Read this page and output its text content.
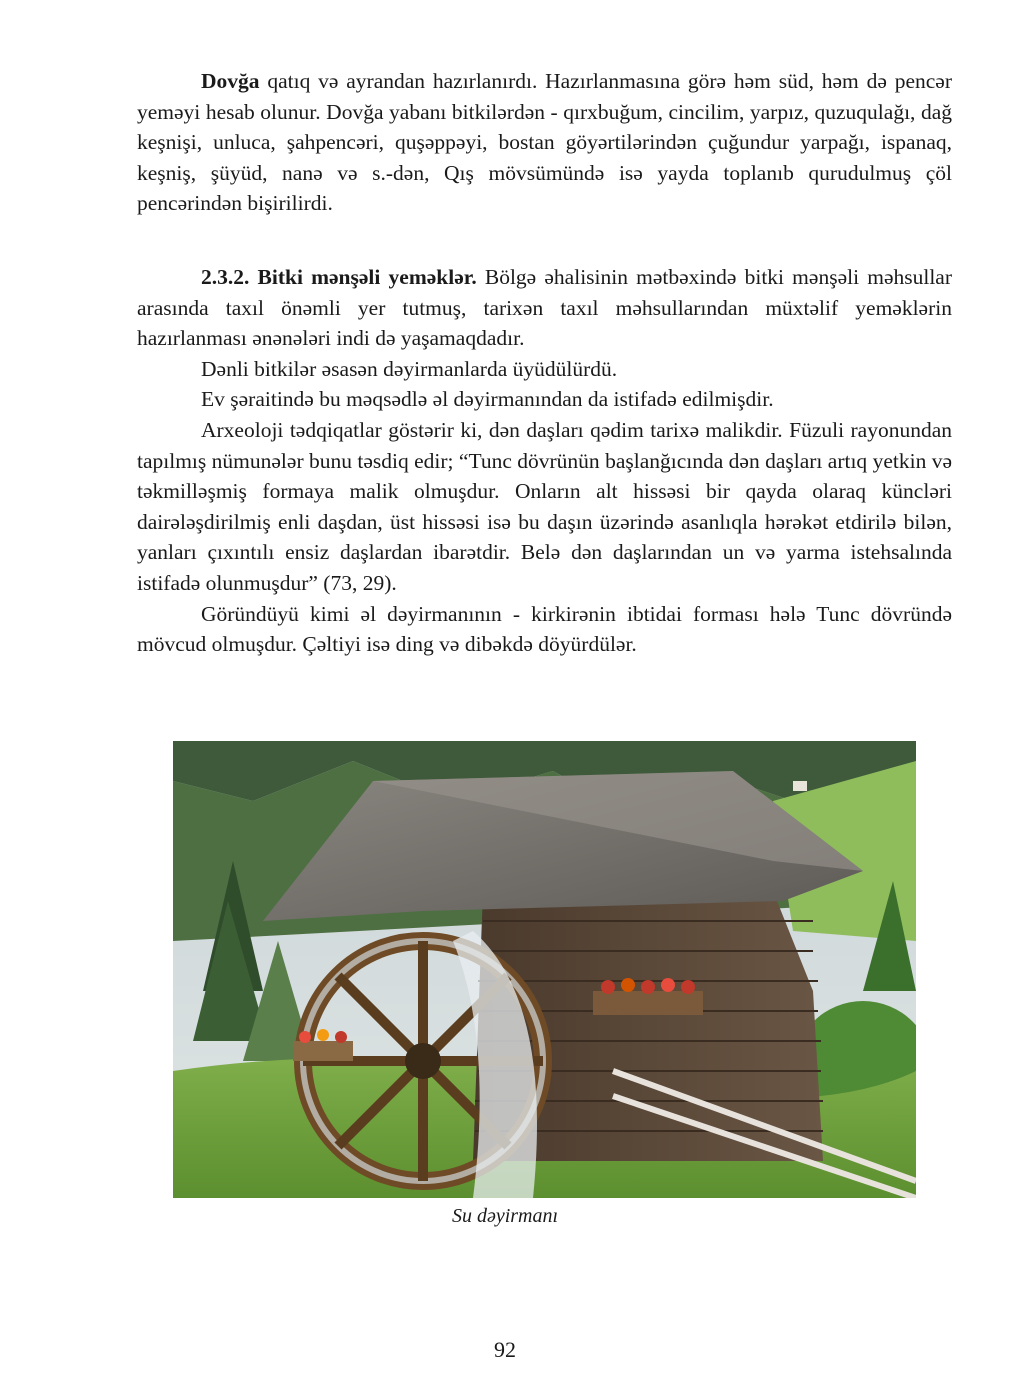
Dovğa qatıq və ayrandan hazırlanırdı. Hazırlanmasına görə həm süd, həm də pencər yeməyi hesab olunur. Dovğa yabanı bitkilərdən - qırxbuğum, cincilim, yarpız, quzuqulağı, dağ keşnişi, unluca, şahpencəri, quşəppəyi, bostan göyərtilərindən çuğundur yarpağı, ispanaq, keşniş, şüyüd, nanə və s.-dən, Qış mövsümündə isə yayda toplanıb qurudulmuş çöl pencərindən bişirilirdi.

2.3.2. Bitki mənşəli yeməklər. Bölgə əhalisinin mətbəxində bitki mənşəli məhsullar arasında taxıl önəmli yer tutmuş, tarixən taxıl məhsullarından müxtəlif yeməklərin hazırlanması ənənələri indi də yaşamaqdadır.

Dənli bitkilər əsasən dəyirmanlarda üyüdülürdü.

Ev şəraitində bu məqsədlə əl dəyirmanından da istifadə edilmişdir.

Arxeoloji tədqiqatlar göstərir ki, dən daşları qədim tarixə malikdir. Füzuli rayonundan tapılmış nümunələr bunu təsdiq edir; “Tunc dövrünün başlanğıcında dən daşları artıq yetkin və təkmilləşmiş formaya malik olmuşdur. Onların alt hissəsi bir qayda olaraq küncləri dairələşdirilmiş enli daşdan, üst hissəsi isə bu daşın üzərində asanlıqla hərəkət etdirilə bilən, yanları çıxıntılı ensiz daşlardan ibarətdir. Belə dən daşlarından un və yarma istehsalında istifadə olunmuşdur” (73, 29).

Göründüyü kimi əl dəyirmanının - kirkirənin ibtidai forması hələ Tunc dövründə mövcud olmuşdur. Çəltiyi isə ding və dibəkdə döyürdülər.

Su dəyirmanı
92
